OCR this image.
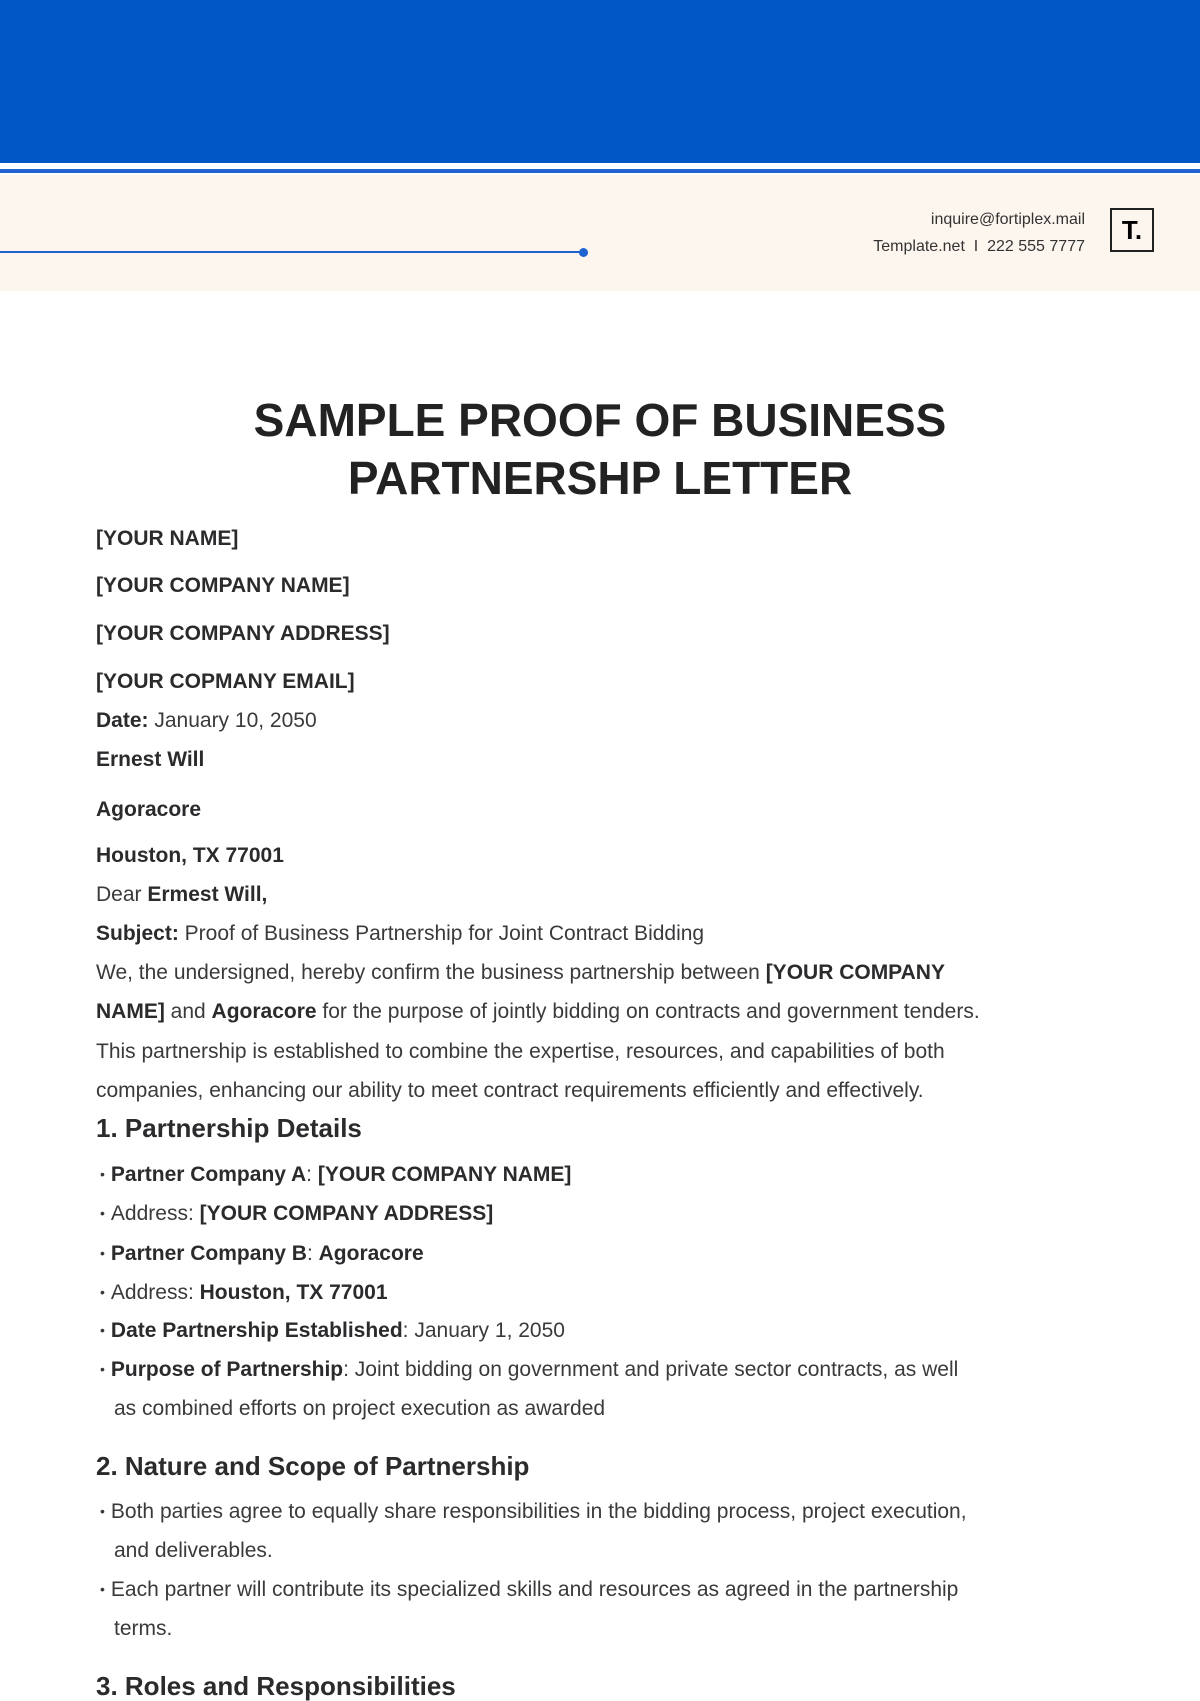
inquire@fortiplex.mail
Template.net  I  222 555 7777
T.
SAMPLE PROOF OF BUSINESS
PARTNERSHP LETTER
[YOUR NAME]
[YOUR COMPANY NAME]
[YOUR COMPANY ADDRESS]
[YOUR COPMANY EMAIL]
Date: January 10, 2050
Ernest Will
Agoracore
Houston, TX 77001
Dear Ermest Will,
Subject: Proof of Business Partnership for Joint Contract Bidding
We, the undersigned, hereby confirm the business partnership between [YOUR COMPANY
NAME] and Agoracore for the purpose of jointly bidding on contracts and government tenders.
This partnership is established to combine the expertise, resources, and capabilities of both
companies, enhancing our ability to meet contract requirements efficiently and effectively.
1. Partnership Details
• Partner Company A: [YOUR COMPANY NAME]
• Address: [YOUR COMPANY ADDRESS]
• Partner Company B: Agoracore
• Address: Houston, TX 77001
• Date Partnership Established: January 1, 2050
• Purpose of Partnership: Joint bidding on government and private sector contracts, as well
as combined efforts on project execution as awarded
2. Nature and Scope of Partnership
• Both parties agree to equally share responsibilities in the bidding process, project execution,
and deliverables.
• Each partner will contribute its specialized skills and resources as agreed in the partnership
terms.
3. Roles and Responsibilities
